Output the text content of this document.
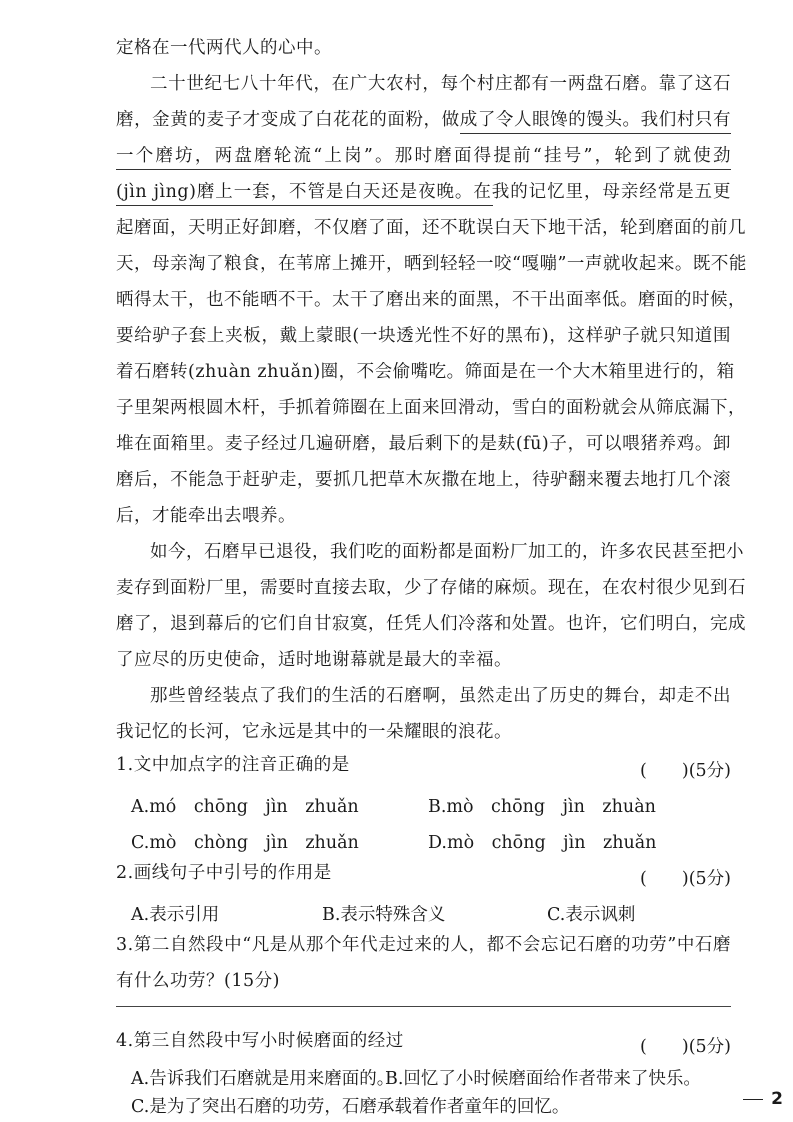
定格在一代两代人的心中。
二十世纪七八十年代，在广大农村，每个村庄都有一两盘石磨。靠了这石
磨，金黄的麦子才变成了白花花的面粉，做成了令人眼馋的馒头。我们村只有
一个磨坊，两盘磨轮流“上岗”。那时磨面得提前“挂号”，轮到了就使劲
(jìn jìng)磨上一套，不管是白天还是夜晚。在我的记忆里，母亲经常是五更
起磨面，天明正好卸磨，不仅磨了面，还不耽误白天下地干活，轮到磨面的前几
天，母亲淘了粮食，在苇席上摊开，晒到轻轻一咬“嘎嘣”一声就收起来。既不能
晒得太干，也不能晒不干。太干了磨出来的面黑，不干出面率低。磨面的时候，
要给驴子套上夹板，戴上蒙眼(一块透光性不好的黑布)，这样驴子就只知道围
着石磨转(zhuàn zhuǎn)圈，不会偷嘴吃。筛面是在一个大木箱里进行的，箱
子里架两根圆木杆，手抓着筛圈在上面来回滑动，雪白的面粉就会从筛底漏下，
堆在面箱里。麦子经过几遍研磨，最后剩下的是麸(fū)子，可以喂猪养鸡。卸
磨后，不能急于赶驴走，要抓几把草木灰撒在地上，待驴翻来覆去地打几个滚
后，才能牵出去喂养。
如今，石磨早已退役，我们吃的面粉都是面粉厂加工的，许多农民甚至把小
麦存到面粉厂里，需要时直接去取，少了存储的麻烦。现在，在农村很少见到石
磨了，退到幕后的它们自甘寂寞，任凭人们冷落和处置。也许，它们明白，完成
了应尽的历史使命，适时地谢幕就是最大的幸福。
那些曾经装点了我们的生活的石磨啊，虽然走出了历史的舞台，却走不出
我记忆的长河，它永远是其中的一朵耀眼的浪花。
1.文中加点字的注音正确的是	(　　)(5分)
A.mó　chōng　jìn　zhuǎn	B.mò　chōng　jìn　zhuàn
C.mò　chòng　jìn　zhuǎn	D.mò　chōng　jìn　zhuǎn
2.画线句子中引号的作用是	(　　)(5分)
A.表示引用	B.表示特殊含义	C.表示讽刺
3.第二自然段中“凡是从那个年代走过来的人，都不会忘记石磨的功劳”中石磨
有什么功劳？(15分)
4.第三自然段中写小时候磨面的经过	(　　)(5分)
A.告诉我们石磨就是用来磨面的。
B.回忆了小时候磨面给作者带来了快乐。
C.是为了突出石磨的功劳，石磨承载着作者童年的回忆。	2
